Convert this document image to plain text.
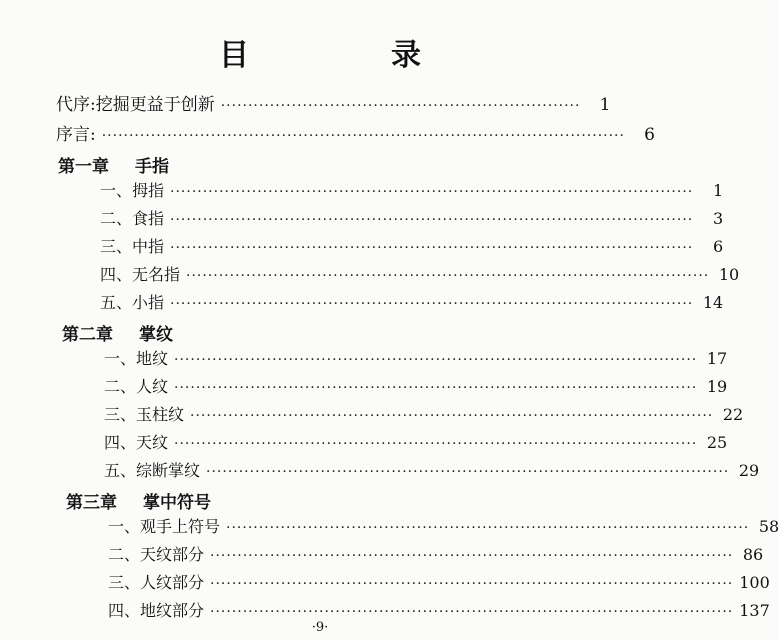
目　录
代序:挖掘更益于创新 ··································································	1
序言: ································································································	6
第一章 手指
一、拇指 ································································································	1
二、食指 ································································································	3
三、中指 ································································································	6
四、无名指 ································································································ 10
五、小指 ································································································ 14
第二章 掌纹
一、地纹 ································································································ 17
二、人纹 ································································································ 19
三、玉柱纹 ································································································ 22
四、天纹 ································································································ 25
五、综断掌纹 ································································································ 29
第三章 掌中符号
一、观手上符号 ································································································ 58
二、天纹部分 ································································································ 86
三、人纹部分 ································································································ 100
四、地纹部分 ································································································ 137
·9·
